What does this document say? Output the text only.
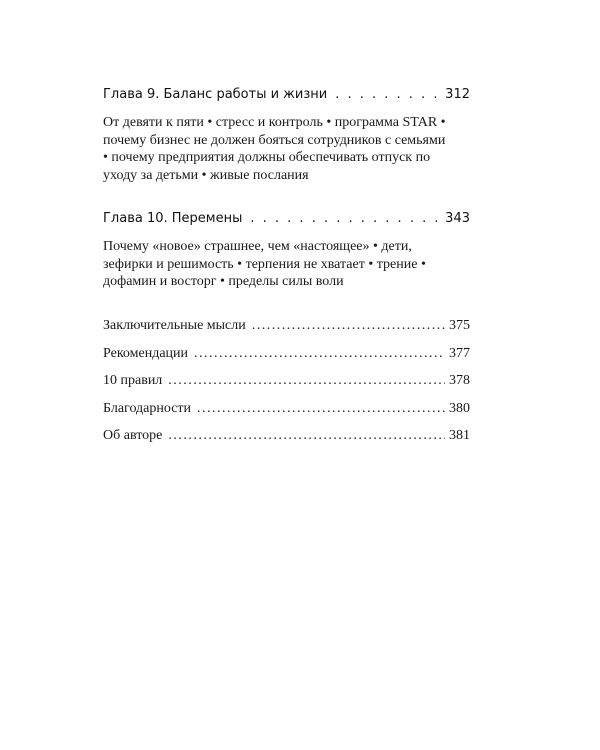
Глава 9. Баланс работы и жизни . . .	312
От девяти к пяти • стресс и контроль • программа STAR • почему бизнес не должен бояться сотрудников с семьями • почему предприятия должны обеспечивать отпуск по уходу за детьми • живые послания
Глава 10. Перемены . . .	343
Почему «новое» страшнее, чем «настоящее» • дети, зефирки и решимость • терпения не хватает • трение • дофамин и восторг • пределы силы воли
Заключительные мысли .....	375
Рекомендации .....	377
10 правил .....	378
Благодарности .....	380
Об авторе .....	381
